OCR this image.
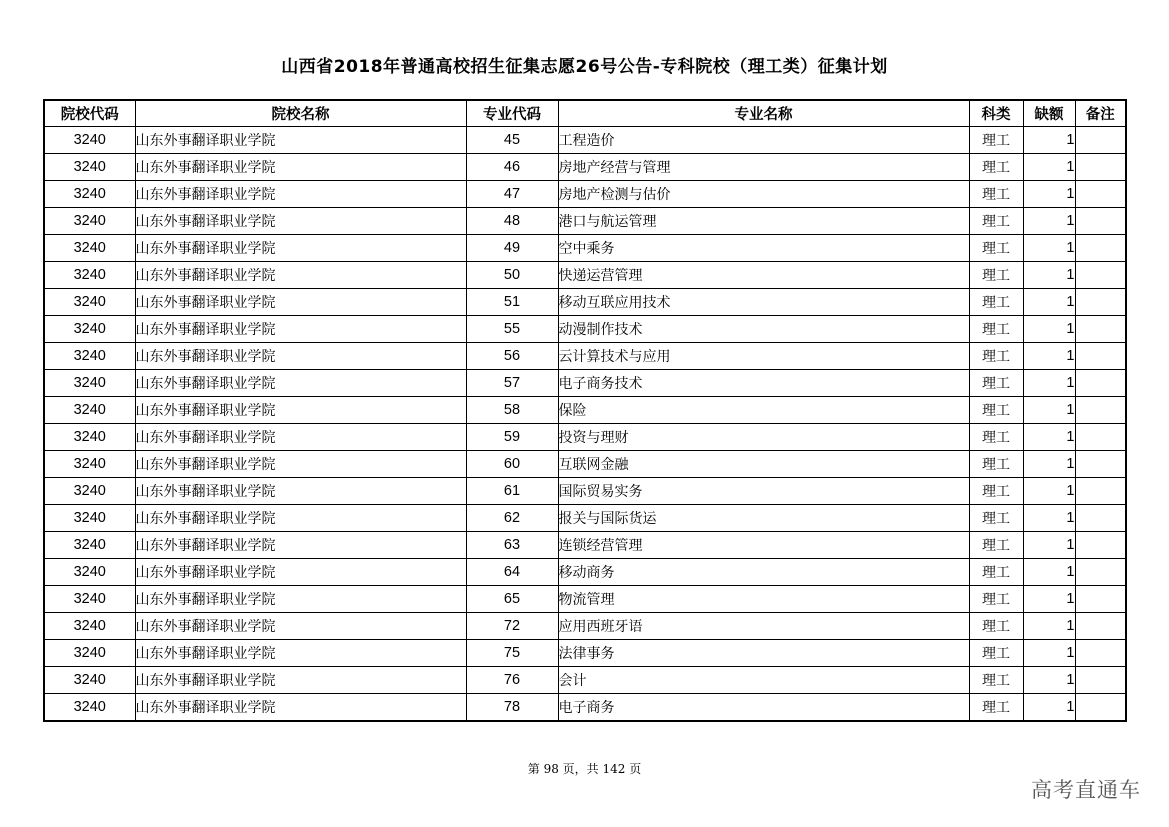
山西省2018年普通高校招生征集志愿26号公告-专科院校（理工类）征集计划
院校代码	院校名称	专业代码	专业名称	科类	缺额	备注
3240	山东外事翻译职业学院	45	工程造价	理工	1	
3240	山东外事翻译职业学院	46	房地产经营与管理	理工	1	
3240	山东外事翻译职业学院	47	房地产检测与估价	理工	1	
3240	山东外事翻译职业学院	48	港口与航运管理	理工	1	
3240	山东外事翻译职业学院	49	空中乘务	理工	1	
3240	山东外事翻译职业学院	50	快递运营管理	理工	1	
3240	山东外事翻译职业学院	51	移动互联应用技术	理工	1	
3240	山东外事翻译职业学院	55	动漫制作技术	理工	1	
3240	山东外事翻译职业学院	56	云计算技术与应用	理工	1	
3240	山东外事翻译职业学院	57	电子商务技术	理工	1	
3240	山东外事翻译职业学院	58	保险	理工	1	
3240	山东外事翻译职业学院	59	投资与理财	理工	1	
3240	山东外事翻译职业学院	60	互联网金融	理工	1	
3240	山东外事翻译职业学院	61	国际贸易实务	理工	1	
3240	山东外事翻译职业学院	62	报关与国际货运	理工	1	
3240	山东外事翻译职业学院	63	连锁经营管理	理工	1	
3240	山东外事翻译职业学院	64	移动商务	理工	1	
3240	山东外事翻译职业学院	65	物流管理	理工	1	
3240	山东外事翻译职业学院	72	应用西班牙语	理工	1	
3240	山东外事翻译职业学院	75	法律事务	理工	1	
3240	山东外事翻译职业学院	76	会计	理工	1	
3240	山东外事翻译职业学院	78	电子商务	理工	1	
第 98 页，共 142 页
高考直通车
